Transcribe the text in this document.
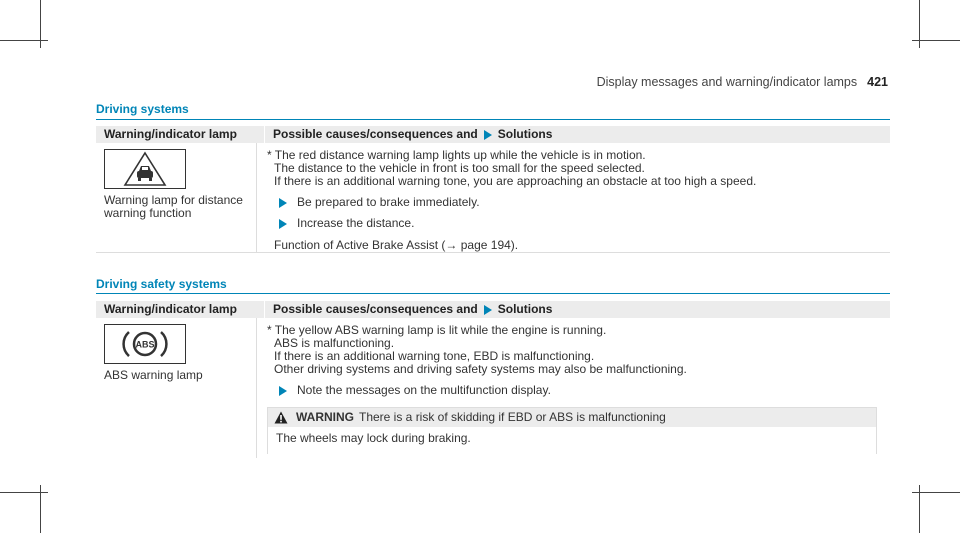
Display messages and warning/indicator lamps 421
Driving systems
Warning/indicator lamp	Possible causes/consequences and Solutions
Warning lamp for distance warning function
* The red distance warning lamp lights up while the vehicle is in motion.
The distance to the vehicle in front is too small for the speed selected.
If there is an additional warning tone, you are approaching an obstacle at too high a speed.
Be prepared to brake immediately.
Increase the distance.
Function of Active Brake Assist (→ page 194).
Driving safety systems
Warning/indicator lamp	Possible causes/consequences and Solutions
ABS
ABS warning lamp
* The yellow ABS warning lamp is lit while the engine is running.
ABS is malfunctioning.
If there is an additional warning tone, EBD is malfunctioning.
Other driving systems and driving safety systems may also be malfunctioning.
Note the messages on the multifunction display.
WARNING There is a risk of skidding if EBD or ABS is malfunctioning
The wheels may lock during braking.
